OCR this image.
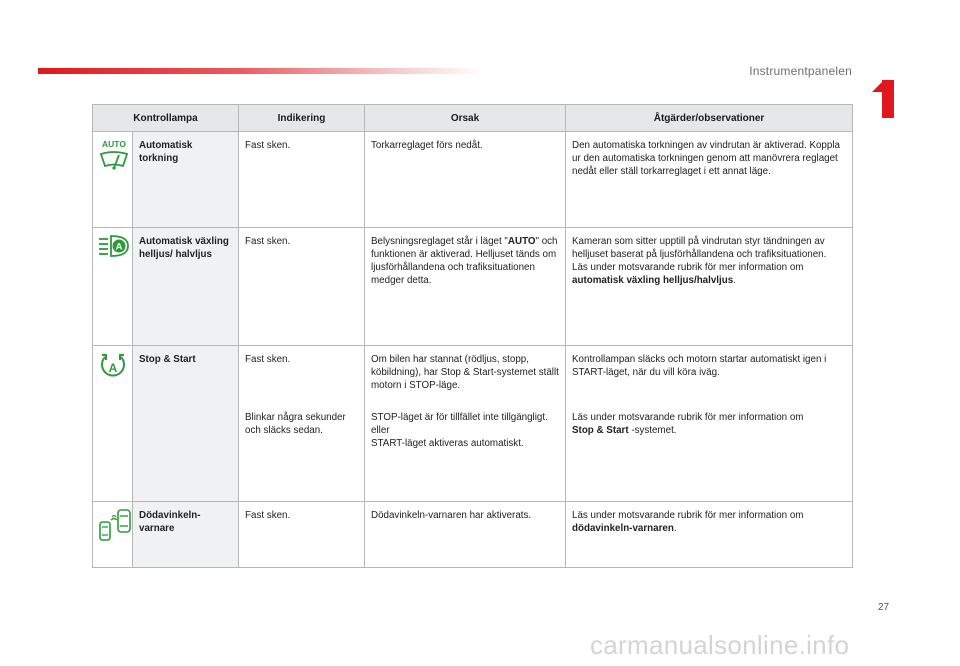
Instrumentpanelen
Kontrollampa		Indikering	Orsak	Åtgärder/observationer

AUTO	Automatisk torkning	Fast sken.	Torkarreglaget förs nedåt.	Den automatiska torkningen av vindrutan är aktiverad. Koppla ur den automatiska torkningen genom att manövrera reglaget nedåt eller ställ torkarreglaget i ett annat läge.

A	Automatisk växling helljus/ halvljus	Fast sken.	Belysningsreglaget står i läget "AUTO" och funktionen är aktiverad. Helljuset tänds om ljusförhållandena och trafiksituationen medger detta.	Kameran som sitter upptill på vindrutan styr tändningen av helljuset baserat på ljusförhållandena och trafiksituationen.
Läs under motsvarande rubrik för mer information om automatisk växling helljus/halvljus.

A	Stop & Start	Fast sken.	Om bilen har stannat (rödljus, stopp, köbildning), har Stop & Start-systemet ställt motorn i STOP-läge.	Kontrollampan släcks och motorn startar automatiskt igen i START-läget, när du vill köra iväg.
		Blinkar några sekunder och släcks sedan.	STOP-läget är för tillfället inte tillgängligt.
eller
START-läget aktiveras automatiskt.	Läs under motsvarande rubrik för mer information om
Stop & Start -systemet.

	Dödavinkeln-varnare	Fast sken.	Dödavinkeln-varnaren har aktiverats.	Läs under motsvarande rubrik för mer information om
dödavinkeln-varnaren.
27
carmanualsonline.info
